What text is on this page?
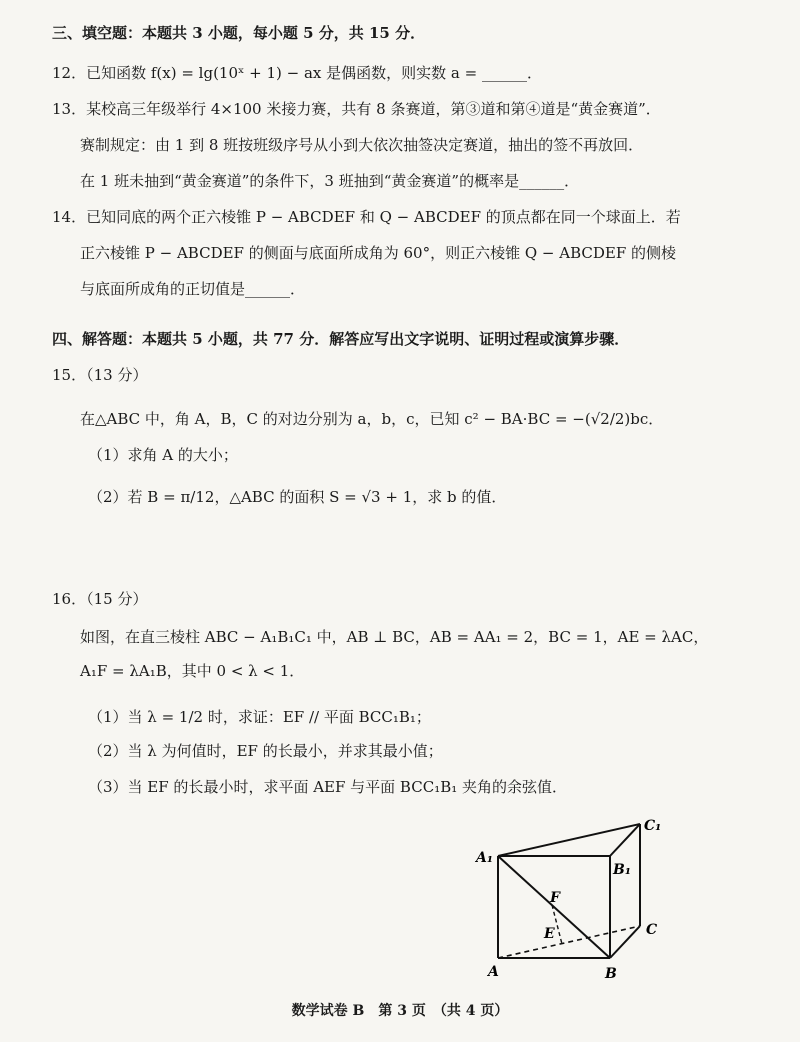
三、填空题：本题共 3 小题，每小题 5 分，共 15 分．
12．已知函数 f(x) = lg(10ˣ + 1) − ax 是偶函数，则实数 a = ______．
13．某校高三年级举行 4×100 米接力赛，共有 8 条赛道，第③道和第④道是“黄金赛道”．
赛制规定：由 1 到 8 班按班级序号从小到大依次抽签决定赛道，抽出的签不再放回．
在 1 班未抽到“黄金赛道”的条件下，3 班抽到“黄金赛道”的概率是______．
14．已知同底的两个正六棱锥 P − ABCDEF 和 Q − ABCDEF 的顶点都在同一个球面上．若
正六棱锥 P − ABCDEF 的侧面与底面所成角为 60°，则正六棱锥 Q − ABCDEF 的侧棱
与底面所成角的正切值是______．
四、解答题：本题共 5 小题，共 77 分．解答应写出文字说明、证明过程或演算步骤．
15．（13 分）
在△ABC 中，角 A，B，C 的对边分别为 a，b，c，已知 c² − BA·BC = −(√2/2)bc．
（1）求角 A 的大小；
（2）若 B = π/12，△ABC 的面积 S = √3 + 1，求 b 的值．
16．（15 分）
如图，在直三棱柱 ABC − A₁B₁C₁ 中，AB ⊥ BC，AB = AA₁ = 2，BC = 1，AE = λAC，
A₁F = λA₁B，其中 0 < λ < 1．
（1）当 λ = 1/2 时，求证：EF // 平面 BCC₁B₁；
（2）当 λ 为何值时，EF 的长最小，并求其最小值；
（3）当 EF 的长最小时，求平面 AEF 与平面 BCC₁B₁ 夹角的余弦值．
A₁
B₁
C₁
A	B
C
E
F
数学试卷 B　第 3 页　（共 4 页）
